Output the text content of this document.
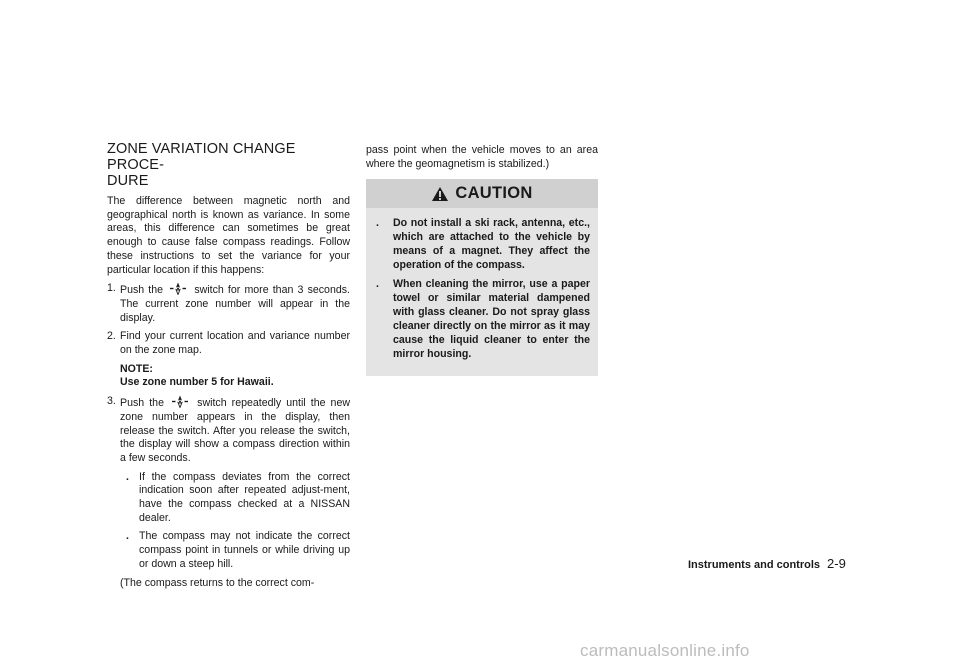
ZONE VARIATION CHANGE PROCE-
DURE

The difference between magnetic north and geographical north is known as variance. In some areas, this difference can sometimes be great enough to cause false compass readings. Follow these instructions to set the variance for your particular location if this happens:

1. Push the	switch for more than 3 seconds. The current zone number will appear in the display.
2. Find your current location and variance number on the zone map.
NOTE:
Use zone number 5 for Hawaii.
3. Push the	switch repeatedly until the new zone number appears in the display, then release the switch. After you release the switch, the display will show a compass direction within a few seconds.
. If the compass deviates from the correct indication soon after repeated adjust-ment, have the compass checked at a NISSAN dealer.
. The compass may not indicate the correct compass point in tunnels or while driving up or down a steep hill.
(The compass returns to the correct com-

pass point when the vehicle moves to an area where the geomagnetism is stabilized.)

CAUTION
. Do not install a ski rack, antenna, etc., which are attached to the vehicle by means of a magnet. They affect the operation of the compass.
. When cleaning the mirror, use a paper towel or similar material dampened with glass cleaner. Do not spray glass cleaner directly on the mirror as it may cause the liquid cleaner to enter the mirror housing.
Instruments and controls 2-9
carmanualsonline.info
